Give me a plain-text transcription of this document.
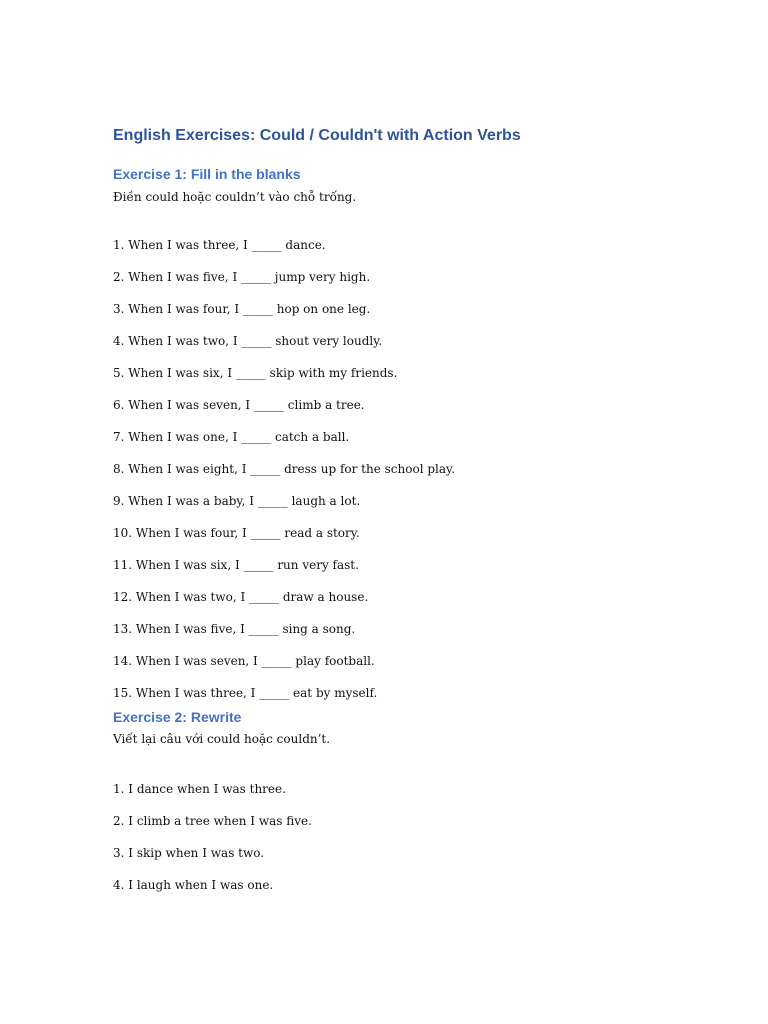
English Exercises: Could / Couldn't with Action Verbs
Exercise 1: Fill in the blanks

Điền could hoặc couldn’t vào chỗ trống.

1. When I was three, I _____ dance.
2. When I was five, I _____ jump very high.
3. When I was four, I _____ hop on one leg.
4. When I was two, I _____ shout very loudly.
5. When I was six, I _____ skip with my friends.
6. When I was seven, I _____ climb a tree.
7. When I was one, I _____ catch a ball.
8. When I was eight, I _____ dress up for the school play.
9. When I was a baby, I _____ laugh a lot.
10. When I was four, I _____ read a story.
11. When I was six, I _____ run very fast.
12. When I was two, I _____ draw a house.
13. When I was five, I _____ sing a song.
14. When I was seven, I _____ play football.
15. When I was three, I _____ eat by myself.
Exercise 2: Rewrite

Viết lại câu với could hoặc couldn’t.

1. I dance when I was three.
2. I climb a tree when I was five.
3. I skip when I was two.
4. I laugh when I was one.
